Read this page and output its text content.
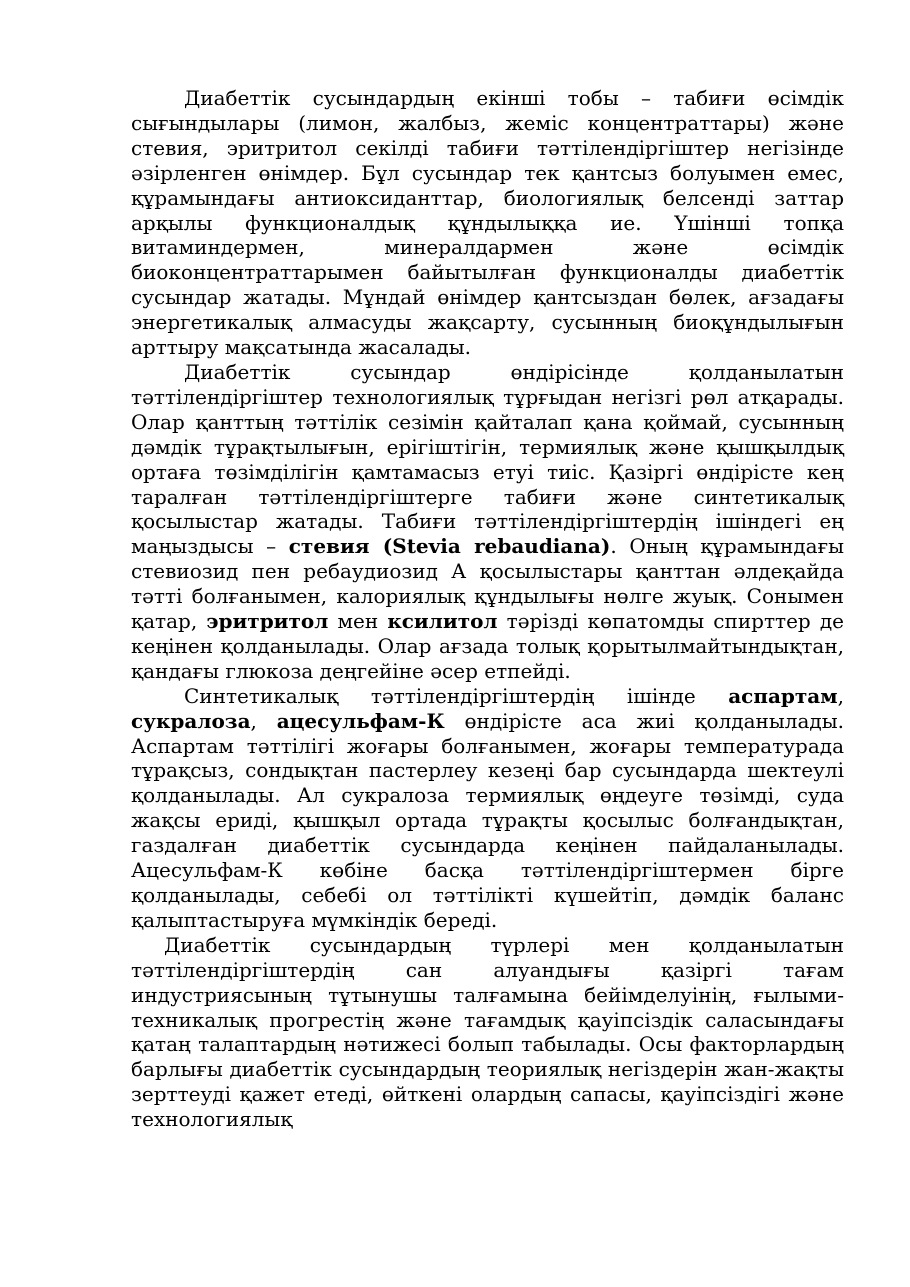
Диабеттік сусындардың екінші тобы – табиғи өсімдік сығындылары (лимон, жалбыз, жеміс концентраттары) және стевия, эритритол секілді табиғи тәттілендіргіштер негізінде әзірленген өнімдер. Бұл сусындар тек қантсыз болуымен емес, құрамындағы антиоксиданттар, биологиялық белсенді заттар арқылы функционалдық құндылыққа ие. Үшінші топқа витаминдермен, минералдармен және өсімдік биоконцентраттарымен байытылған функционалды диабеттік сусындар жатады. Мұндай өнімдер қантсыздан бөлек, ағзадағы энергетикалық алмасуды жақсарту, сусынның биоқұндылығын арттыру мақсатында жасалады.

Диабеттік сусындар өндірісінде қолданылатын тәттілендіргіштер технологиялық тұрғыдан негізгі рөл атқарады. Олар қанттың тәттілік сезімін қайталап қана қоймай, сусынның дәмдік тұрақтылығын, ерігіштігін, термиялық және қышқылдық ортаға төзімділігін қамтамасыз етуі тиіс. Қазіргі өндірісте кең таралған тәттілендіргіштерге табиғи және синтетикалық қосылыстар жатады. Табиғи тәттілендіргіштердің ішіндегі ең маңыздысы – стевия (Stevia rebaudiana). Оның құрамындағы стевиозид пен ребаудиозид А қосылыстары қанттан әлдеқайда тәтті болғанымен, калориялық құндылығы нөлге жуық. Сонымен қатар, эритритол мен ксилитол тәрізді көпатомды спирттер де кеңінен қолданылады. Олар ағзада толық қорытылмайтындықтан, қандағы глюкоза деңгейіне әсер етпейді.

Синтетикалық тәттілендіргіштердің ішінде аспартам, сукралоза, ацесульфам-К өндірісте аса жиі қолданылады. Аспартам тәттілігі жоғары болғанымен, жоғары температурада тұрақсыз, сондықтан пастерлеу кезеңі бар сусындарда шектеулі қолданылады. Ал сукралоза термиялық өңдеуге төзімді, суда жақсы ериді, қышқыл ортада тұрақты қосылыс болғандықтан, газдалған диабеттік сусындарда кеңінен пайдаланылады. Ацесульфам-К көбіне басқа тәттілендіргіштермен бірге қолданылады, себебі ол тәттілікті күшейтіп, дәмдік баланс қалыптастыруға мүмкіндік береді.

Диабеттік сусындардың түрлері мен қолданылатын тәттілендіргіштердің сан алуандығы қазіргі тағам индустриясының тұтынушы талғамына бейімделуінің, ғылыми-техникалық прогрестің және тағамдық қауіпсіздік саласындағы қатаң талаптардың нәтижесі болып табылады. Осы факторлардың барлығы диабеттік сусындардың теориялық негіздерін жан-жақты зерттеуді қажет етеді, өйткені олардың сапасы, қауіпсіздігі және технологиялық
